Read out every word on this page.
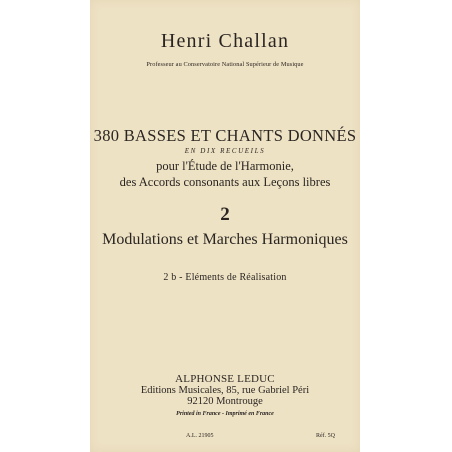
Henri Challan

Professeur au Conservatoire National Supérieur de Musique

380 BASSES ET CHANTS DONNÉS

EN DIX RECUEILS

pour l'Étude de l'Harmonie,

des Accords consonants aux Leçons libres

2

Modulations et Marches Harmoniques

2 b - Eléments de Réalisation

ALPHONSE LEDUC

Editions Musicales, 85, rue Gabriel Péri

92120 Montrouge

Printed in France - Imprimé en France

A.L. 21905	Réf. 5Q
